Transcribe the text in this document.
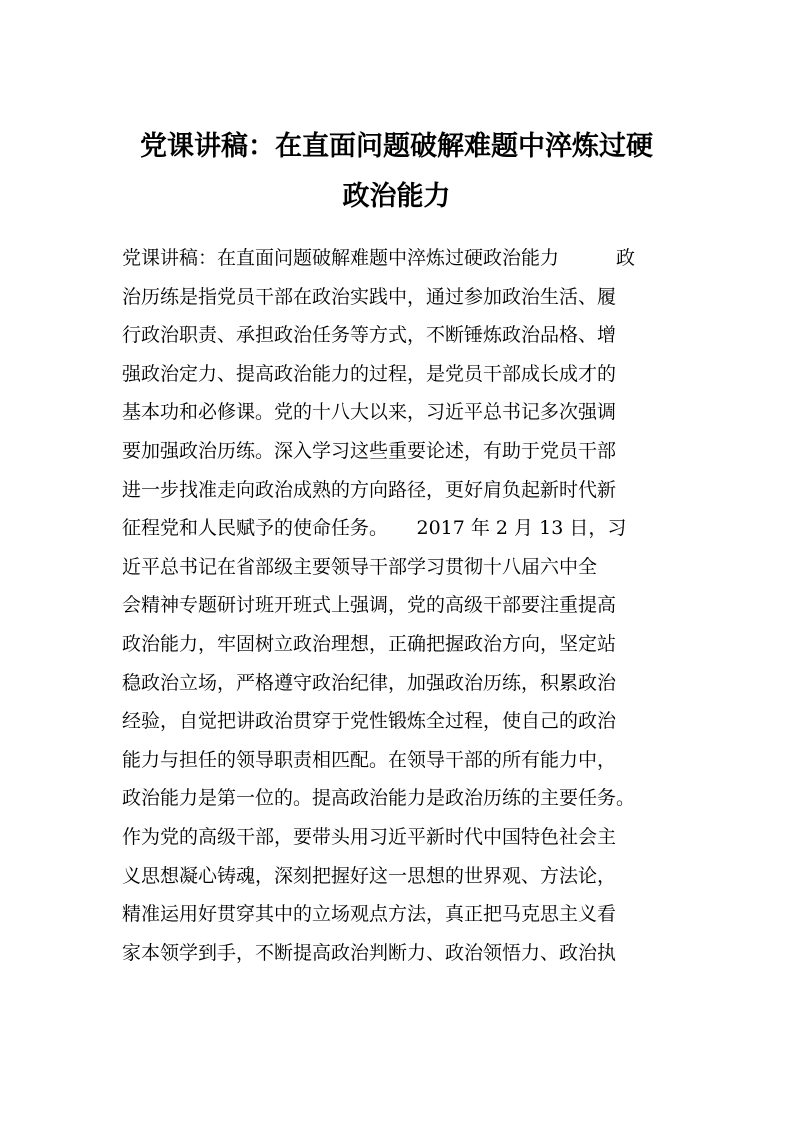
党课讲稿：在直面问题破解难题中淬炼过硬
政治能力
党课讲稿：在直面问题破解难题中淬炼过硬政治能力　　　政
治历练是指党员干部在政治实践中，通过参加政治生活、履
行政治职责、承担政治任务等方式，不断锤炼政治品格、增
强政治定力、提高政治能力的过程，是党员干部成长成才的
基本功和必修课。党的十八大以来，习近平总书记多次强调
要加强政治历练。深入学习这些重要论述，有助于党员干部
进一步找准走向政治成熟的方向路径，更好肩负起新时代新
征程党和人民赋予的使命任务。　　2017 年 2 月 13 日，习
近平总书记在省部级主要领导干部学习贯彻十八届六中全
会精神专题研讨班开班式上强调，党的高级干部要注重提高
政治能力，牢固树立政治理想，正确把握政治方向，坚定站
稳政治立场，严格遵守政治纪律，加强政治历练，积累政治
经验，自觉把讲政治贯穿于党性锻炼全过程，使自己的政治
能力与担任的领导职责相匹配。在领导干部的所有能力中，
政治能力是第一位的。提高政治能力是政治历练的主要任务。
作为党的高级干部，要带头用习近平新时代中国特色社会主
义思想凝心铸魂，深刻把握好这一思想的世界观、方法论，
精准运用好贯穿其中的立场观点方法，真正把马克思主义看
家本领学到手，不断提高政治判断力、政治领悟力、政治执
